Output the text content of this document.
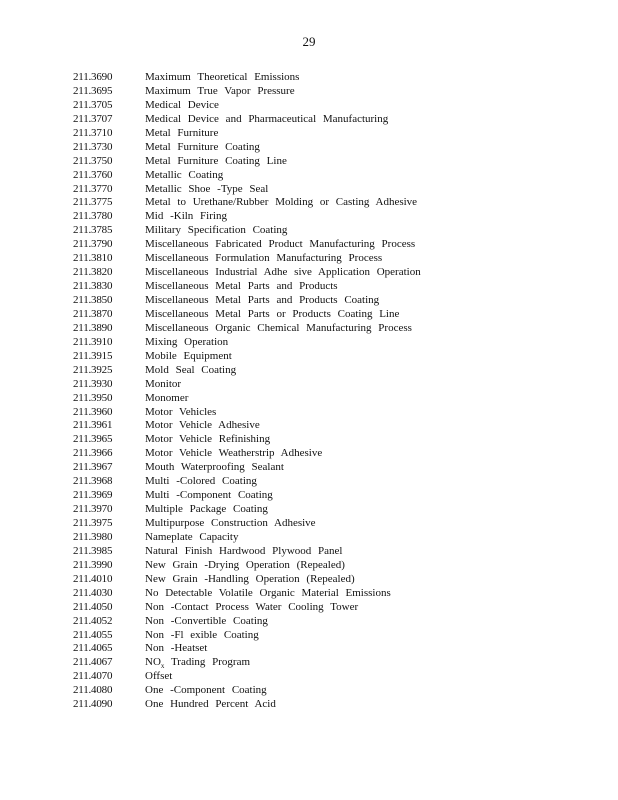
29
211.3690	Maximum Theoretical Emissions
211.3695	Maximum True Vapor Pressure
211.3705	Medical Device
211.3707	Medical Device and Pharmaceutical Manufacturing
211.3710	Metal Furniture
211.3730	Metal Furniture Coating
211.3750	Metal Furniture Coating Line
211.3760	Metallic Coating
211.3770	Metallic Shoe -Type Seal
211.3775	Metal to Urethane/Rubber Molding or Casting Adhesive
211.3780	Mid -Kiln Firing
211.3785	Military Specification Coating
211.3790	Miscellaneous Fabricated Product Manufacturing Process
211.3810	Miscellaneous Formulation Manufacturing Process
211.3820	Miscellaneous Industrial Adhe sive Application Operation
211.3830	Miscellaneous Metal Parts and Products
211.3850	Miscellaneous Metal Parts and Products Coating
211.3870	Miscellaneous Metal Parts or Products Coating Line
211.3890	Miscellaneous Organic Chemical Manufacturing Process
211.3910	Mixing Operation
211.3915	Mobile Equipment
211.3925	Mold Seal Coating
211.3930	Monitor
211.3950	Monomer
211.3960	Motor Vehicles
211.3961	Motor Vehicle Adhesive
211.3965	Motor Vehicle Refinishing
211.3966	Motor Vehicle Weatherstrip Adhesive
211.3967	Mouth Waterproofing Sealant
211.3968	Multi -Colored Coating
211.3969	Multi -Component Coating
211.3970	Multiple Package Coating
211.3975	Multipurpose Construction Adhesive
211.3980	Nameplate Capacity
211.3985	Natural Finish Hardwood Plywood Panel
211.3990	New Grain -Drying Operation (Repealed)
211.4010	New Grain -Handling Operation (Repealed)
211.4030	No Detectable Volatile Organic Material Emissions
211.4050	Non -Contact Process Water Cooling Tower
211.4052	Non -Convertible Coating
211.4055	Non -Fl exible Coating
211.4065	Non -Heatset
211.4067	$NO_x$ Trading Program
211.4070	Offset
211.4080	One -Component Coating
211.4090	One Hundred Percent Acid
